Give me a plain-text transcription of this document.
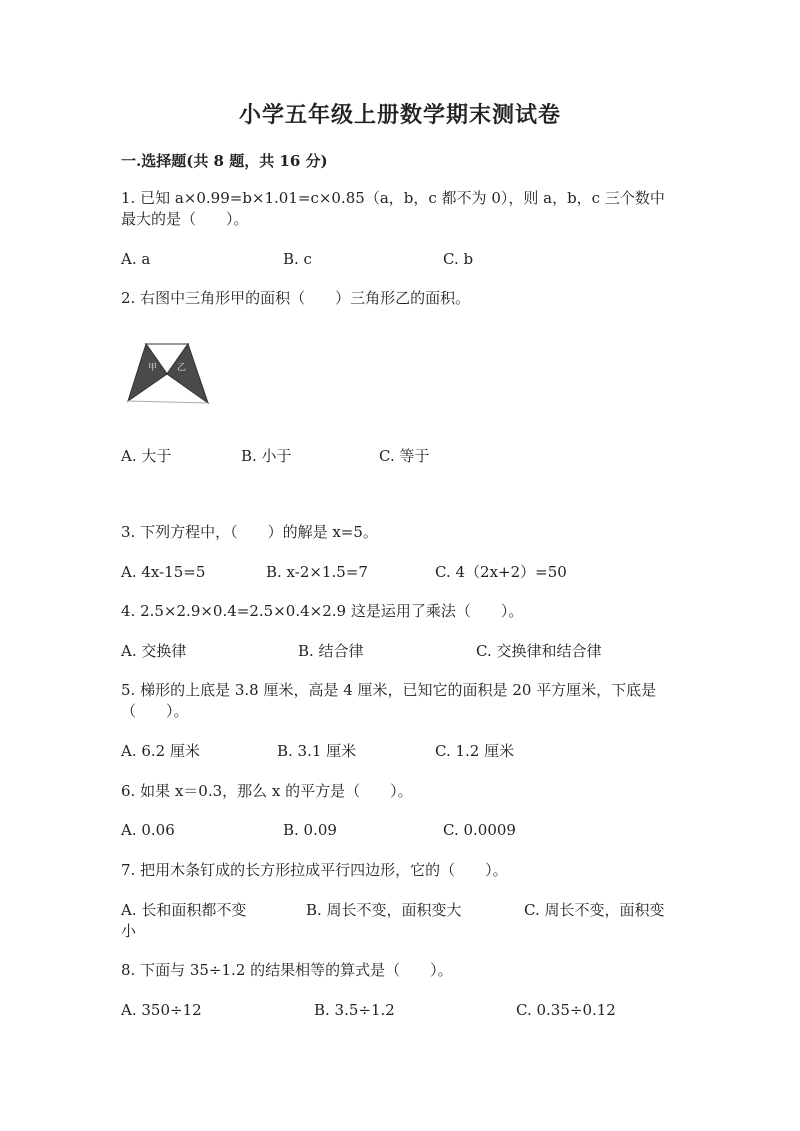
小学五年级上册数学期末测试卷
一.选择题(共 8 题，共 16 分)
1. 已知 a×0.99=b×1.01=c×0.85（a，b，c 都不为 0），则 a，b，c 三个数中
最大的是（　　）。
A. a	B. c	C. b
2. 右图中三角形甲的面积（　　）三角形乙的面积。
甲 乙
A. 大于	B. 小于	C. 等于
3. 下列方程中，（　　）的解是 x=5。
A. 4x-15=5	B. x-2×1.5=7	C. 4（2x+2）=50
4. 2.5×2.9×0.4=2.5×0.4×2.9 这是运用了乘法（　　）。
A. 交换律	B. 结合律	C. 交换律和结合律
5. 梯形的上底是 3.8 厘米，高是 4 厘米，已知它的面积是 20 平方厘米，下底是
（　　）。
A. 6.2 厘米	B. 3.1 厘米	C. 1.2 厘米
6. 如果 x＝0.3，那么 x 的平方是（　　）。
A. 0.06	B. 0.09	C. 0.0009
7. 把用木条钉成的长方形拉成平行四边形，它的（　　）。
A. 长和面积都不变	B. 周长不变，面积变大	C. 周长不变，面积变
小
8. 下面与 35÷1.2 的结果相等的算式是（　　）。
A. 350÷12	B. 3.5÷1.2	C. 0.35÷0.12
